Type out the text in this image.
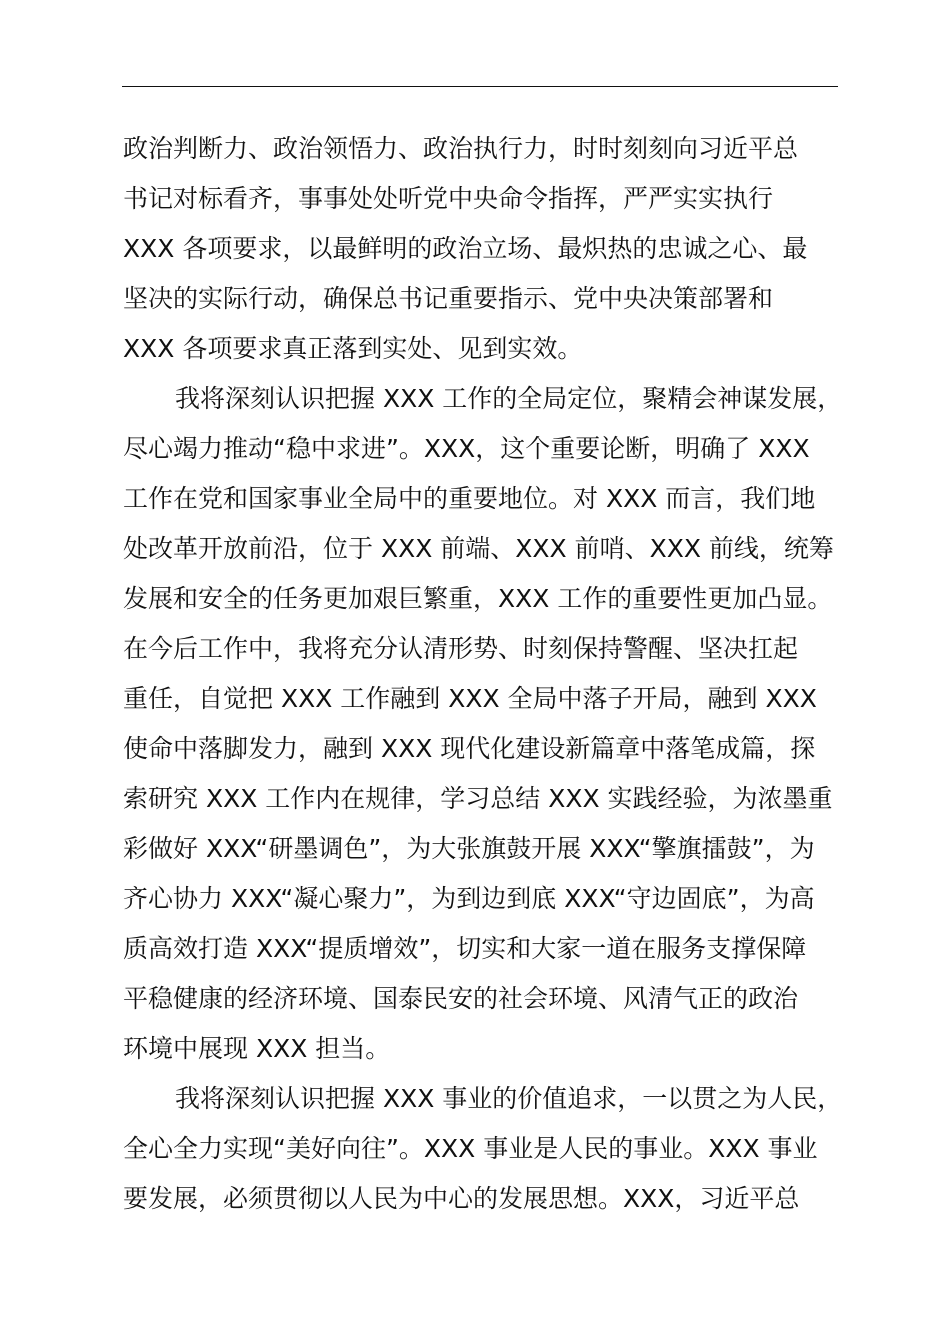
政治判断力、政治领悟力、政治执行力，时时刻刻向习近平总
书记对标看齐，事事处处听党中央命令指挥，严严实实执行
XXX 各项要求，以最鲜明的政治立场、最炽热的忠诚之心、最
坚决的实际行动，确保总书记重要指示、党中央决策部署和
XXX 各项要求真正落到实处、见到实效。
我将深刻认识把握 XXX 工作的全局定位，聚精会神谋发展，
尽心竭力推动“稳中求进”。XXX，这个重要论断，明确了 XXX
工作在党和国家事业全局中的重要地位。对 XXX 而言，我们地
处改革开放前沿，位于 XXX 前端、XXX 前哨、XXX 前线，统筹
发展和安全的任务更加艰巨繁重，XXX 工作的重要性更加凸显。
在今后工作中，我将充分认清形势、时刻保持警醒、坚决扛起
重任，自觉把 XXX 工作融到 XXX 全局中落子开局，融到 XXX
使命中落脚发力，融到 XXX 现代化建设新篇章中落笔成篇，探
索研究 XXX 工作内在规律，学习总结 XXX 实践经验，为浓墨重
彩做好 XXX“研墨调色”，为大张旗鼓开展 XXX“擎旗擂鼓”，为
齐心协力 XXX“凝心聚力”，为到边到底 XXX“守边固底”，为高
质高效打造 XXX“提质增效”，切实和大家一道在服务支撑保障
平稳健康的经济环境、国泰民安的社会环境、风清气正的政治
环境中展现 XXX 担当。
我将深刻认识把握 XXX 事业的价值追求，一以贯之为人民，
全心全力实现“美好向往”。XXX 事业是人民的事业。XXX 事业
要发展，必须贯彻以人民为中心的发展思想。XXX，习近平总
